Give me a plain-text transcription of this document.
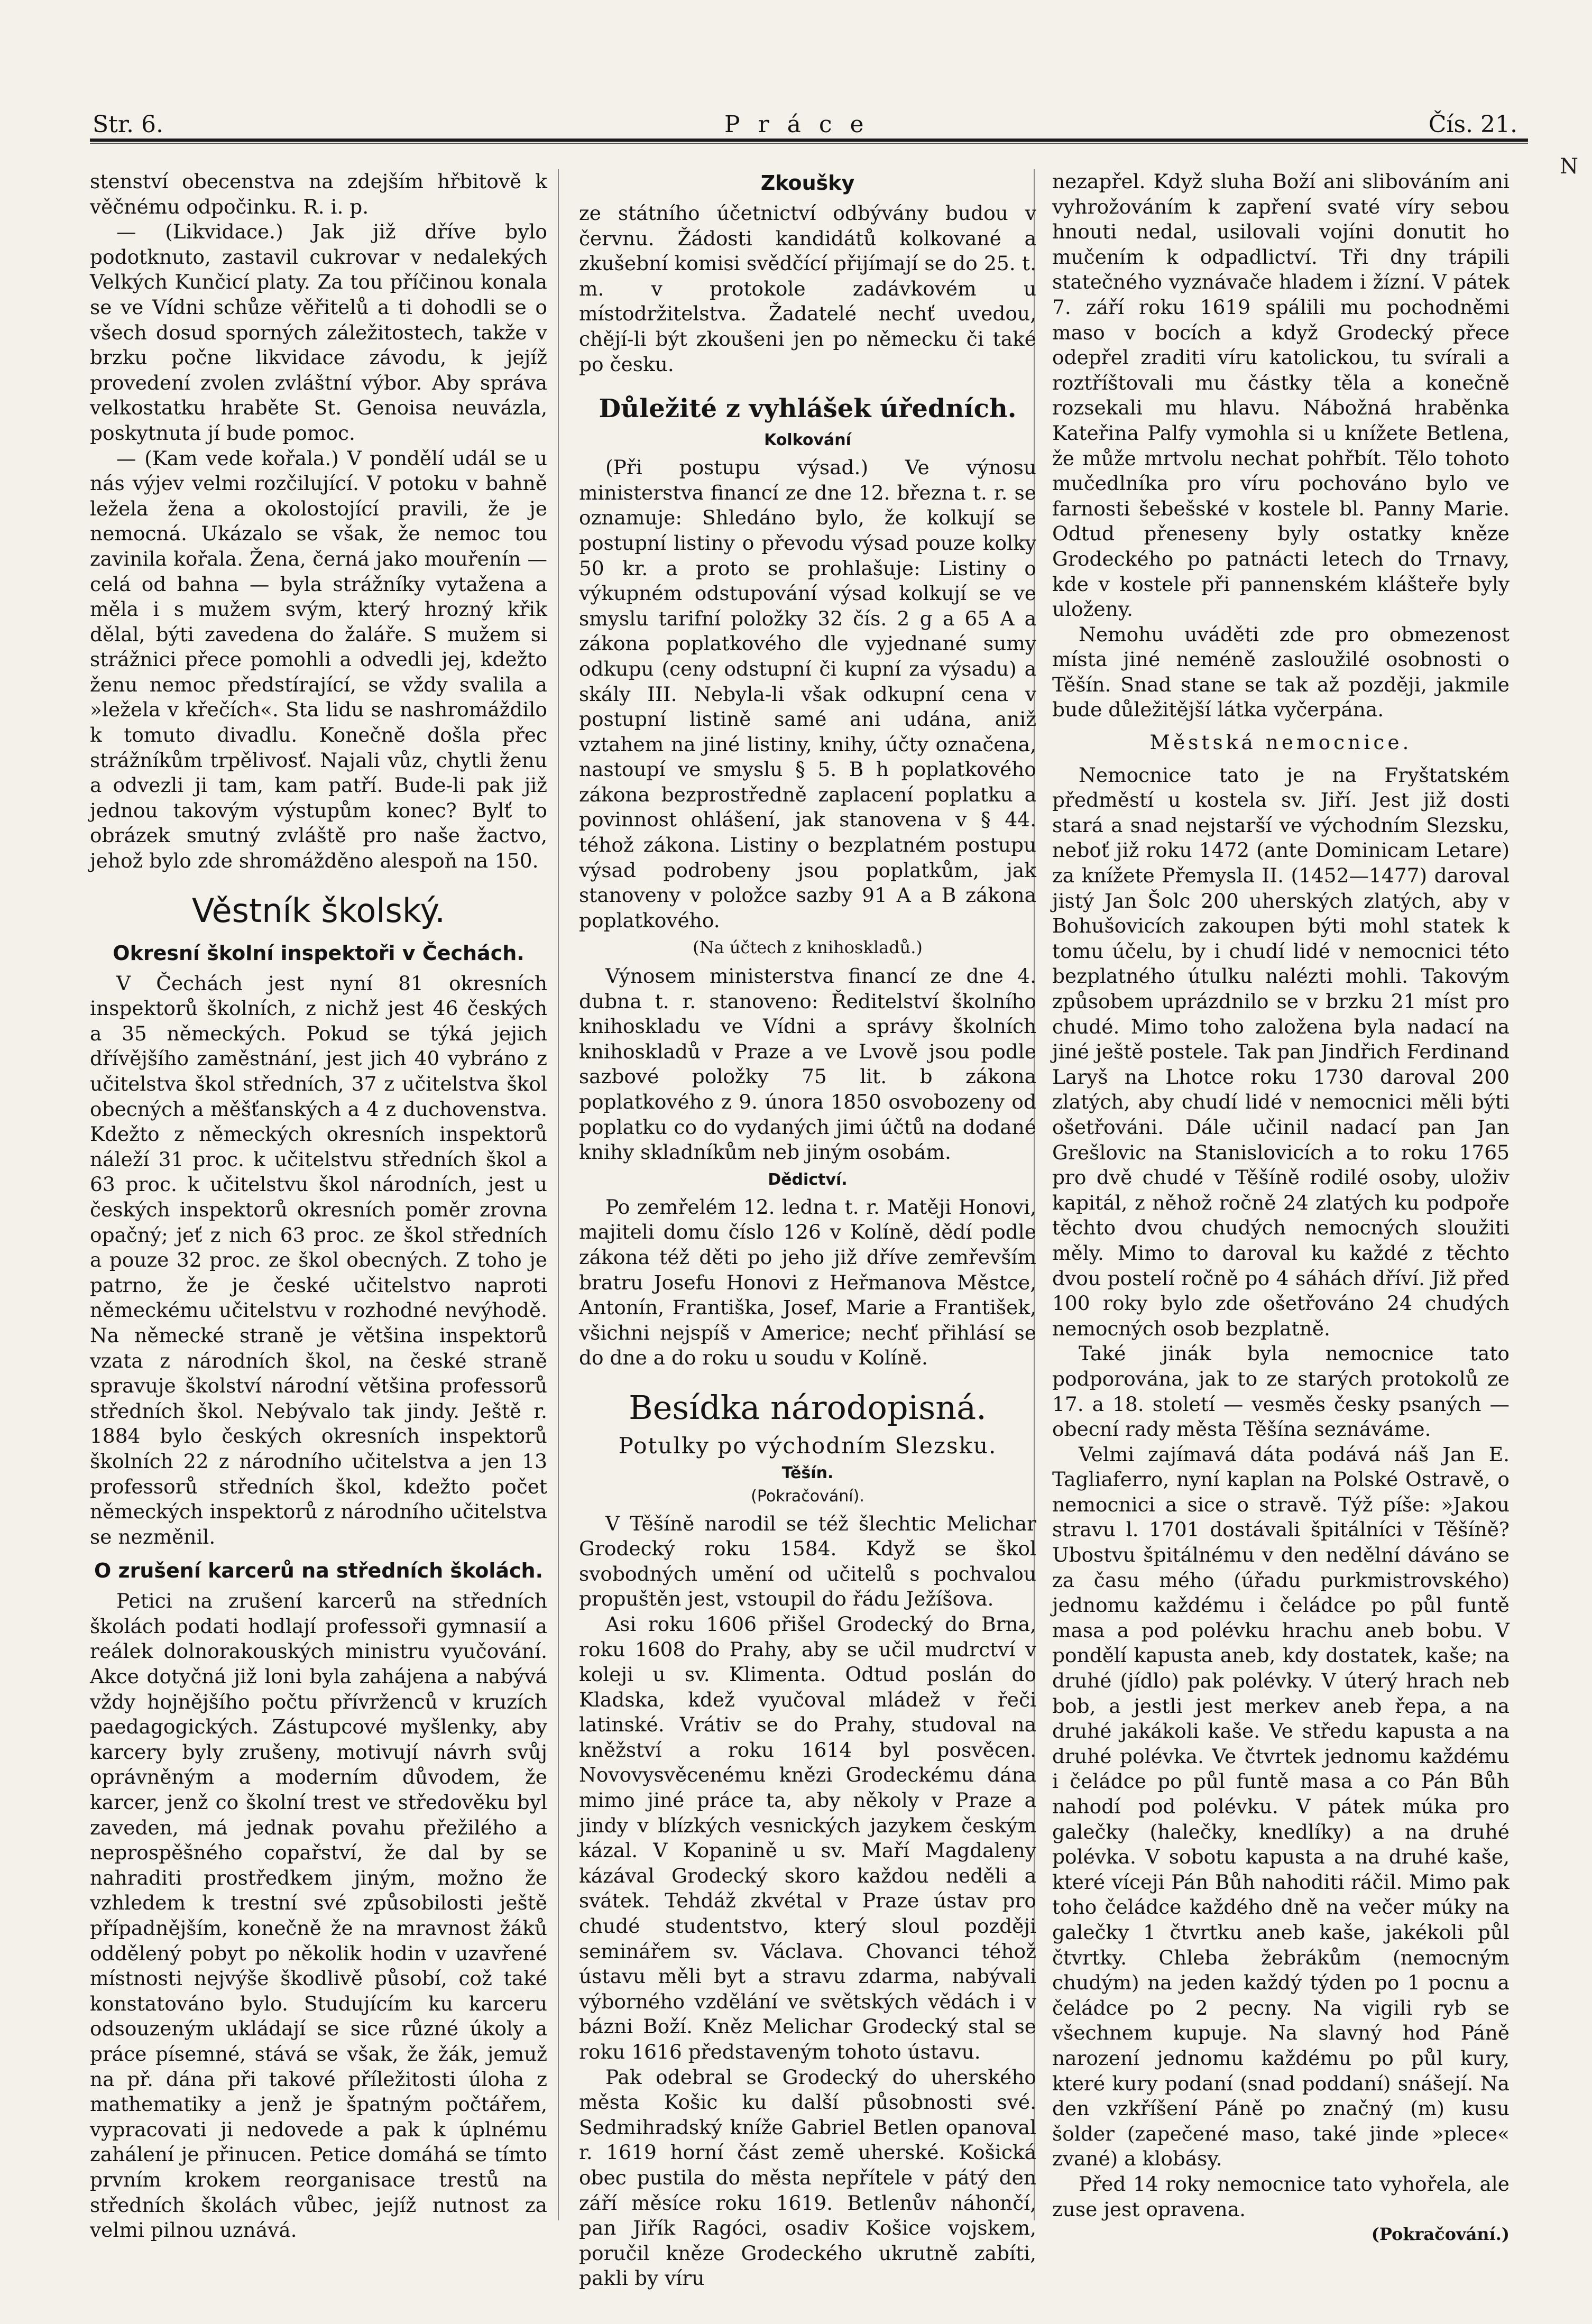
Str. 6.	Práce	Čís. 21.

stenství obecenstva na zdejším hřbitově k věčnému odpočinku. R. i. p.

— (Likvidace.) Jak již dříve bylo podotknuto, zastavil cukrovar v nedalekých Velkých Kunčicí platy. Za tou příčinou konala se ve Vídni schůze věřitelů a ti dohodli se o všech dosud sporných záležitostech, takže v brzku počne likvidace závodu, k jejíž provedení zvolen zvláštní výbor. Aby správa velkostatku hraběte St. Genoisa neuvázla, poskytnuta jí bude pomoc.

— (Kam vede kořala.) V pondělí udál se u nás výjev velmi rozčilující. V potoku v bahně ležela žena a okolostojící pravili, že je nemocná. Ukázalo se však, že nemoc tou zavinila kořala. Žena, černá jako mouřenín — celá od bahna — byla strážníky vytažena a měla i s mužem svým, který hrozný křik dělal, býti zavedena do žaláře. S mužem si strážnici přece pomohli a odvedli jej, kdežto ženu nemoc předstírající, se vždy svalila a »ležela v křečích«. Sta lidu se nashromáždilo k tomuto divadlu. Konečně došla přec strážníkům trpělivosť. Najali vůz, chytli ženu a odvezli ji tam, kam patří. Bude-li pak již jednou takovým výstupům konec? Bylť to obrázek smutný zvláště pro naše žactvo, jehož bylo zde shromážděno alespoň na 150.

Věstník školský.
Okresní školní inspektoři v Čechách.

V Čechách jest nyní 81 okresních inspektorů školních, z nichž jest 46 českých a 35 německých. Pokud se týká jejich dřívějšího zaměstnání, jest jich 40 vybráno z učitelstva škol středních, 37 z učitelstva škol obecných a měšťanských a 4 z duchovenstva. Kdežto z německých okresních inspektorů náleží 31 proc. k učitelstvu středních škol a 63 proc. k učitelstvu škol národních, jest u českých inspektorů okresních poměr zrovna opačný; jeť z nich 63 proc. ze škol středních a pouze 32 proc. ze škol obecných. Z toho je patrno, že je české učitelstvo naproti německému učitelstvu v rozhodné nevýhodě. Na německé straně je většina inspektorů vzata z národních škol, na české straně spravuje školství národní většina professorů středních škol. Nebývalo tak jindy. Ještě r. 1884 bylo českých okresních inspektorů školních 22 z národního učitelstva a jen 13 professorů středních škol, kdežto počet německých inspektorů z národního učitelstva se nezměnil.

O zrušení karcerů na středních školách.

Petici na zrušení karcerů na středních školách podati hodlají professoři gymnasií a reálek dolnorakouských ministru vyučování. Akce dotyčná již loni byla zahájena a nabývá vždy hojnějšího počtu přívrženců v kruzích paedagogických. Zástupcové myšlenky, aby karcery byly zrušeny, motivují návrh svůj oprávněným a moderním důvodem, že karcer, jenž co školní trest ve středověku byl zaveden, má jednak povahu přežilého a neprospěšného copařství, že dal by se nahraditi prostředkem jiným, možno že vzhledem k trestní své způsobilosti ještě případnějším, konečně že na mravnost žáků oddělený pobyt po několik hodin v uzavřené místnosti nejvýše škodlivě působí, což také konstatováno bylo. Studujícím ku karceru odsouzeným ukládají se sice různé úkoly a práce písemné, stává se však, že žák, jemuž na př. dána při takové příležitosti úloha z mathematiky a jenž je špatným počtářem, vypracovati ji nedovede a pak k úplnému zahálení je přinucen. Petice domáhá se tímto prvním krokem reorganisace trestů na středních školách vůbec, jejíž nutnost za velmi pilnou uznává.

Zkoušky

ze státního účetnictví odbývány budou v červnu. Žádosti kandidátů kolkované a zkušební komisi svědčící přijímají se do 25. t. m. v protokole zadávkovém u místodržitelstva. Žadatelé nechť uvedou, chějí-li být zkoušeni jen po německu či také po česku.

Důležité z vyhlášek úředních.
Kolkování

(Při postupu výsad.) Ve výnosu ministerstva financí ze dne 12. března t. r. se oznamuje: Shledáno bylo, že kolkují se postupní listiny o převodu výsad pouze kolky 50 kr. a proto se prohlašuje: Listiny o výkupném odstupování výsad kolkují se ve smyslu tarifní položky 32 čís. 2 g a 65 A a zákona poplatkového dle vyjednané sumy odkupu (ceny odstupní či kupní za výsadu) a skály III. Nebyla-li však odkupní cena v postupní listině samé ani udána, aniž vztahem na jiné listiny, knihy, účty označena, nastoupí ve smyslu § 5. B h poplatkového zákona bezprostředně zaplacení poplatku a povinnost ohlášení, jak stanovena v § 44. téhož zákona. Listiny o bezplatném postupu výsad podrobeny jsou poplatkům, jak stanoveny v položce sazby 91 A a B zákona poplatkového.

(Na účtech z knihoskladů.)

Výnosem ministerstva financí ze dne 4. dubna t. r. stanoveno: Ředitelství školního knihoskladu ve Vídni a správy školních knihoskladů v Praze a ve Lvově jsou podle sazbové položky 75 lit. b zákona poplatkového z 9. února 1850 osvobozeny od poplatku co do vydaných jimi účtů na dodané knihy skladníkům neb jiným osobám.

Dědictví.

Po zemřelém 12. ledna t. r. Matěji Honovi, majiteli domu číslo 126 v Kolíně, dědí podle zákona též děti po jeho již dříve zemřevším bratru Josefu Honovi z Heřmanova Městce, Antonín, Františka, Josef, Marie a František, všichni nejspíš v Americe; nechť přihlásí se do dne a do roku u soudu v Kolíně.

Besídka národopisná.
Potulky po východním Slezsku.
Těšín.
(Pokračování).

V Těšíně narodil se též šlechtic Melichar Grodecký roku 1584. Když se škol svobodných umění od učitelů s pochvalou propuštěn jest, vstoupil do řádu Ježíšova.

Asi roku 1606 přišel Grodecký do Brna, roku 1608 do Prahy, aby se učil mudrctví v koleji u sv. Klimenta. Odtud poslán do Kladska, kdež vyučoval mládež v řeči latinské. Vrátiv se do Prahy, studoval na kněžství a roku 1614 byl posvěcen. Novovysvěcenému knězi Grodeckému dána mimo jiné práce ta, aby několy v Praze a jindy v blízkých vesnických jazykem českým kázal. V Kopanině u sv. Maří Magdaleny kázával Grodecký skoro každou neděli a svátek. Tehdáž zkvétal v Praze ústav pro chudé studentstvo, který sloul později seminářem sv. Václava. Chovanci téhož ústavu měli byt a stravu zdarma, nabývali výborného vzdělání ve světských vědách i v bázni Boží. Kněz Melichar Grodecký stal se roku 1616 představeným tohoto ústavu.

Pak odebral se Grodecký do uherského města Košic ku další působnosti své. Sedmihradský kníže Gabriel Betlen opanoval r. 1619 horní část země uherské. Košická obec pustila do města nepřítele v pátý den září měsíce roku 1619. Betlenův náhončí, pan Jiřík Ragóci, osadiv Košice vojskem, poručil kněze Grodeckého ukrutně zabíti, pakli by víru

nezapřel. Když sluha Boží ani slibováním ani vyhrožováním k zapření svaté víry sebou hnouti nedal, usilovali vojíni donutit ho mučením k odpadlictví. Tři dny trápili statečného vyznávače hladem i žízní. V pátek 7. září roku 1619 spálili mu pochodněmi maso v bocích a když Grodecký přece odepřel zraditi víru katolickou, tu svírali a roztříštovali mu částky těla a konečně rozsekali mu hlavu. Nábožná hraběnka Kateřina Palfy vymohla si u knížete Betlena, že může mrtvolu nechat pohřbít. Tělo tohoto mučedlníka pro víru pochováno bylo ve farnosti šebešské v kostele bl. Panny Marie. Odtud přeneseny byly ostatky kněze Grodeckého po patnácti letech do Trnavy, kde v kostele při pannenském klášteře byly uloženy.

Nemohu uváděti zde pro obmezenost místa jiné neméně zasloužilé osobnosti o Těšín. Snad stane se tak až později, jakmile bude důležitější látka vyčerpána.

Městská nemocnice.

Nemocnice tato je na Fryštatském předměstí u kostela sv. Jiří. Jest již dosti stará a snad nejstarší ve východním Slezsku, neboť již roku 1472 (ante Dominicam Letare) za knížete Přemysla II. (1452—1477) daroval jistý Jan Šolc 200 uherských zlatých, aby v Bohušovicích zakoupen býti mohl statek k tomu účelu, by i chudí lidé v nemocnici této bezplatného útulku nalézti mohli. Takovým způsobem uprázdnilo se v brzku 21 míst pro chudé. Mimo toho založena byla nadací na jiné ještě postele. Tak pan Jindřich Ferdinand Laryš na Lhotce roku 1730 daroval 200 zlatých, aby chudí lidé v nemocnici měli býti ošetřováni. Dále učinil nadací pan Jan Grešlovic na Stanislovicích a to roku 1765 pro dvě chudé v Těšíně rodilé osoby, uloživ kapitál, z něhož ročně 24 zlatých ku podpoře těchto dvou chudých nemocných sloužiti měly. Mimo to daroval ku každé z těchto dvou postelí ročně po 4 sáhách dříví. Již před 100 roky bylo zde ošetřováno 24 chudých nemocných osob bezplatně.

Také jinák byla nemocnice tato podporována, jak to ze starých protokolů ze 17. a 18. století — vesměs česky psaných — obecní rady města Těšína seznáváme.

Velmi zajímavá dáta podává náš Jan E. Tagliaferro, nyní kaplan na Polské Ostravě, o nemocnici a sice o stravě. Týž píše: »Jakou stravu l. 1701 dostávali špitálníci v Těšíně? Ubostvu špitálnému v den nedělní dáváno se za času mého (úřadu purkmistrovského) jednomu každému i čeládce po půl funtě masa a pod polévku hrachu aneb bobu. V pondělí kapusta aneb, kdy dostatek, kaše; na druhé (jídlo) pak polévky. V úterý hrach neb bob, a jestli jest merkev aneb řepa, a na druhé jakákoli kaše. Ve středu kapusta a na druhé polévka. Ve čtvrtek jednomu každému i čeládce po půl funtě masa a co Pán Bůh nahodí pod polévku. V pátek múka pro galečky (halečky, knedlíky) a na druhé polévka. V sobotu kapusta a na druhé kaše, které víceji Pán Bůh nahoditi ráčil. Mimo pak toho čeládce každého dně na večer múky na galečky 1 čtvrtku aneb kaše, jakékoli půl čtvrtky. Chleba žebrákům (nemocným chudým) na jeden každý týden po 1 pocnu a čeládce po 2 pecny. Na vigili ryb se všechnem kupuje. Na slavný hod Páně narození jednomu každému po půl kury, které kury podaní (snad poddaní) snášejí. Na den vzkříšení Páně po značný (m) kusu šolder (zapečené maso, také jinde »plece« zvané) a klobásy.

Před 14 roky nemocnice tato vyhořela, ale zuse jest opravena.

(Pokračování.)
N
